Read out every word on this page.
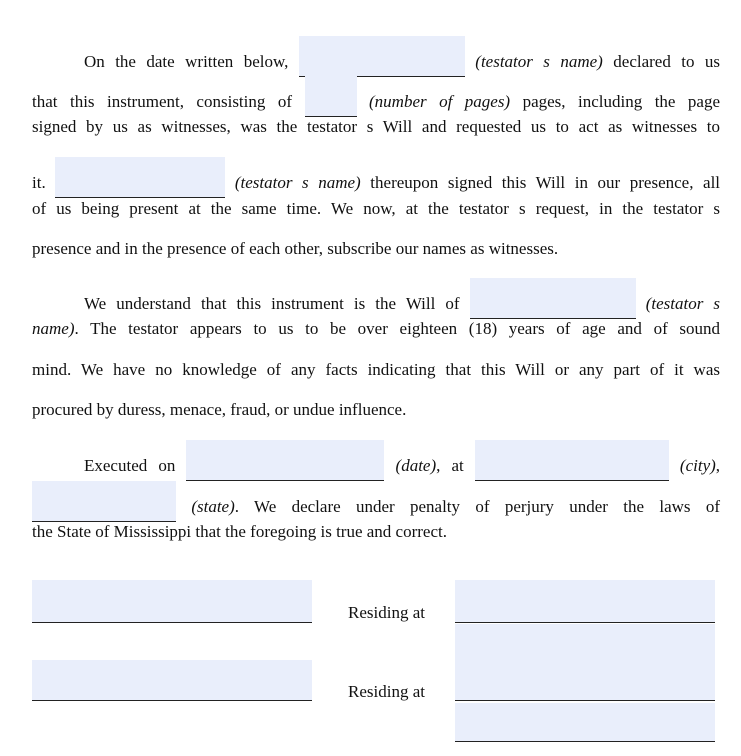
On the date written below,	(testator s name) declared to us
that this instrument, consisting of	(number of pages) pages, including the page
signed by us as witnesses, was the testator s Will and requested us to act as witnesses to
it.	(testator s name) thereupon signed this Will in our presence, all
of us being present at the same time. We now, at the testator s request, in the testator s
presence and in the presence of each other, subscribe our names as witnesses.
We understand that this instrument is the Will of	(testator s
name). The testator appears to us to be over eighteen (18) years of age and of sound
mind. We have no knowledge of any facts indicating that this Will or any part of it was
procured by duress, menace, fraud, or undue influence.
Executed on	(date), at	(city),
(state). We declare under penalty of perjury under the laws of
the State of Mississippi that the foregoing is true and correct.
Residing at
Residing at
